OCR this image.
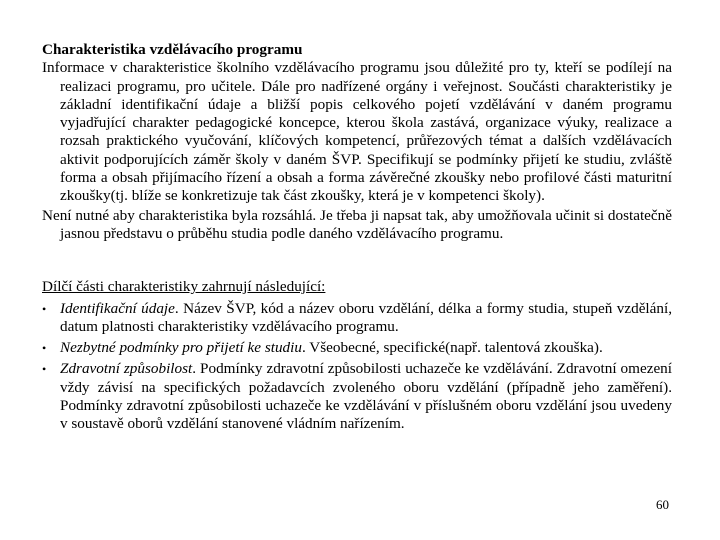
Charakteristika vzdělávacího programu

Informace v charakteristice školního vzdělávacího programu jsou důležité pro ty, kteří se podílejí na realizaci programu, pro učitele. Dále pro nadřízené orgány i veřejnost. Součásti charakteristiky je základní identifikační údaje a bližší popis celkového pojetí vzdělávání v daném programu vyjadřující charakter pedagogické koncepce, kterou škola zastává, organizace výuky, realizace a rozsah praktického vyučování, klíčových kompetencí, průřezových témat a dalších vzdělávacích aktivit podporujících záměr školy v daném ŠVP. Specifikují se podmínky přijetí ke studiu, zvláště forma a obsah přijímacího řízení a obsah a forma závěrečné zkoušky nebo profilové části maturitní zkoušky(tj. blíže se konkretizuje tak část zkoušky, která je v kompetenci školy).

Není nutné aby charakteristika byla rozsáhlá. Je třeba ji napsat tak, aby umožňovala učinit si dostatečně jasnou představu o průběhu studia podle daného vzdělávacího programu.

Dílčí části charakteristiky zahrnují následující:

• Identifikační údaje. Název ŠVP, kód a název oboru vzdělání, délka a formy studia, stupeň vzdělání, datum platnosti charakteristiky vzdělávacího programu.
• Nezbytné podmínky pro přijetí ke studiu. Všeobecné, specifické(např. talentová zkouška).
• Zdravotní způsobilost. Podmínky zdravotní způsobilosti uchazeče ke vzdělávání. Zdravotní omezení vždy závisí na specifických požadavcích zvoleného oboru vzdělání (případně jeho zaměření). Podmínky zdravotní způsobilosti uchazeče ke vzdělávání v příslušném oboru vzdělání jsou uvedeny v soustavě oborů vzdělání stanovené vládním nařízením.
60
